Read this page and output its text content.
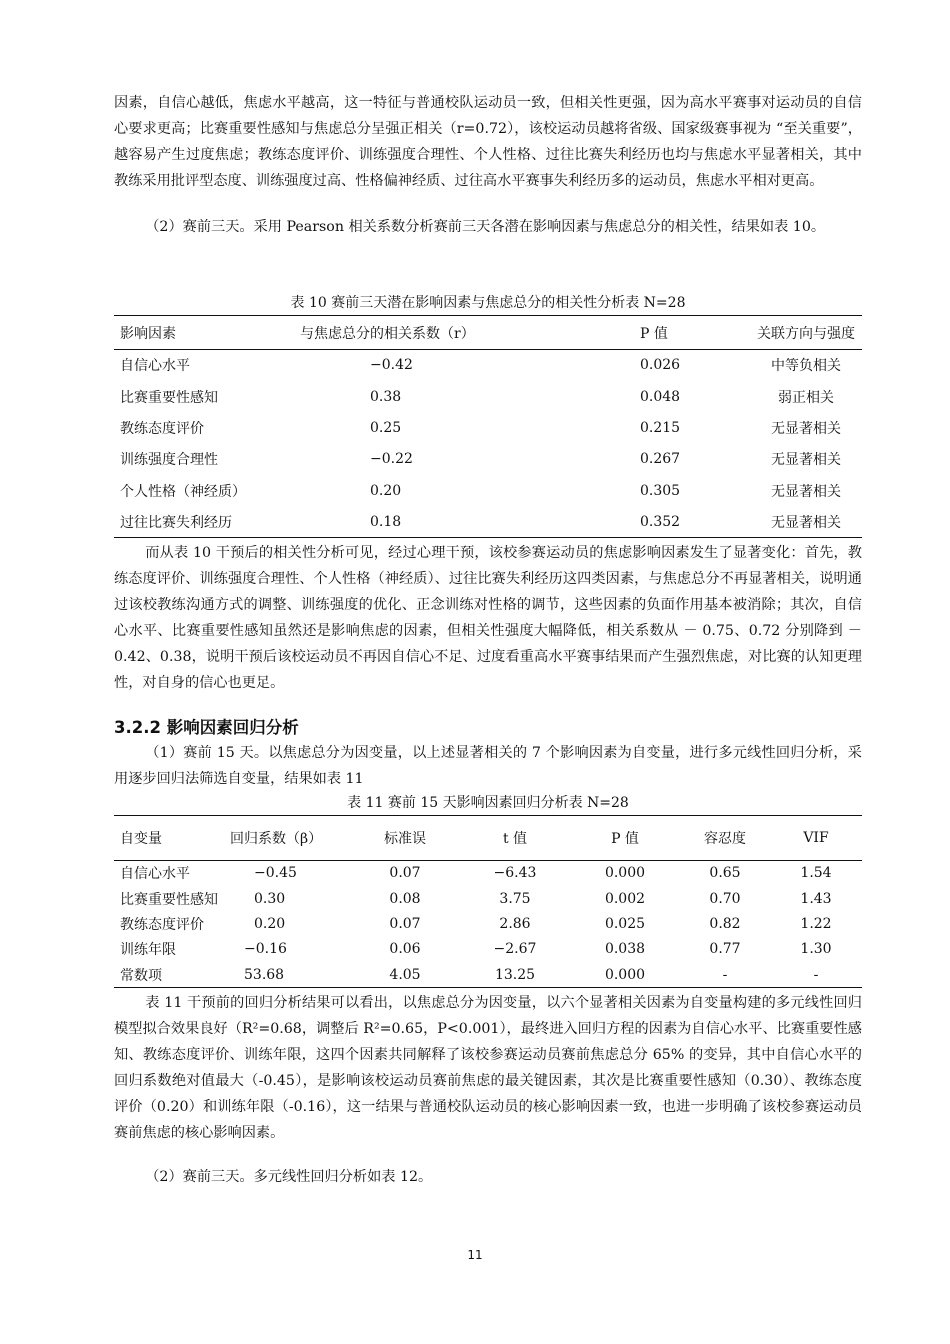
因素，自信心越低，焦虑水平越高，这一特征与普通校队运动员一致，但相关性更强，因为高水平赛事对运动员的自信心要求更高；比赛重要性感知与焦虑总分呈强正相关（r=0.72），该校运动员越将省级、国家级赛事视为 “至关重要”，越容易产生过度焦虑；教练态度评价、训练强度合理性、个人性格、过往比赛失利经历也均与焦虑水平显著相关，其中教练采用批评型态度、训练强度过高、性格偏神经质、过往高水平赛事失利经历多的运动员，焦虑水平相对更高。

（2）赛前三天。采用 Pearson 相关系数分析赛前三天各潜在影响因素与焦虑总分的相关性，结果如表 10。

表 10 赛前三天潜在影响因素与焦虑总分的相关性分析表 N=28

影响因素	与焦虑总分的相关系数（r）	P 值	关联方向与强度
自信心水平	−0.42	0.026	中等负相关
比赛重要性感知	0.38	0.048	弱正相关
教练态度评价	0.25	0.215	无显著相关
训练强度合理性	−0.22	0.267	无显著相关
个人性格（神经质）	0.20	0.305	无显著相关
过往比赛失利经历	0.18	0.352	无显著相关

而从表 10 干预后的相关性分析可见，经过心理干预，该校参赛运动员的焦虑影响因素发生了显著变化：首先，教练态度评价、训练强度合理性、个人性格（神经质）、过往比赛失利经历这四类因素，与焦虑总分不再显著相关，说明通过该校教练沟通方式的调整、训练强度的优化、正念训练对性格的调节，这些因素的负面作用基本被消除；其次，自信心水平、比赛重要性感知虽然还是影响焦虑的因素，但相关性强度大幅降低，相关系数从 － 0.75、0.72 分别降到 － 0.42、0.38，说明干预后该校运动员不再因自信心不足、过度看重高水平赛事结果而产生强烈焦虑，对比赛的认知更理性，对自身的信心也更足。

3.2.2 影响因素回归分析

（1）赛前 15 天。以焦虑总分为因变量，以上述显著相关的 7 个影响因素为自变量，进行多元线性回归分析，采用逐步回归法筛选自变量，结果如表 11

表 11 赛前 15 天影响因素回归分析表 N=28

自变量	回归系数（β）	标准误	t 值	P 值	容忍度	VIF
自信心水平	−0.45	0.07	−6.43	0.000	0.65	1.54
比赛重要性感知	0.30	0.08	3.75	0.002	0.70	1.43
教练态度评价	0.20	0.07	2.86	0.025	0.82	1.22
训练年限	−0.16	0.06	−2.67	0.038	0.77	1.30
常数项	53.68	4.05	13.25	0.000	-	-

表 11 干预前的回归分析结果可以看出，以焦虑总分为因变量，以六个显著相关因素为自变量构建的多元线性回归模型拟合效果良好（R²=0.68，调整后 R²=0.65，P<0.001），最终进入回归方程的因素为自信心水平、比赛重要性感知、教练态度评价、训练年限，这四个因素共同解释了该校参赛运动员赛前焦虑总分 65% 的变异，其中自信心水平的回归系数绝对值最大（-0.45），是影响该校运动员赛前焦虑的最关键因素，其次是比赛重要性感知（0.30）、教练态度评价（0.20）和训练年限（-0.16），这一结果与普通校队运动员的核心影响因素一致，也进一步明确了该校参赛运动员赛前焦虑的核心影响因素。

（2）赛前三天。多元线性回归分析如表 12。

11
